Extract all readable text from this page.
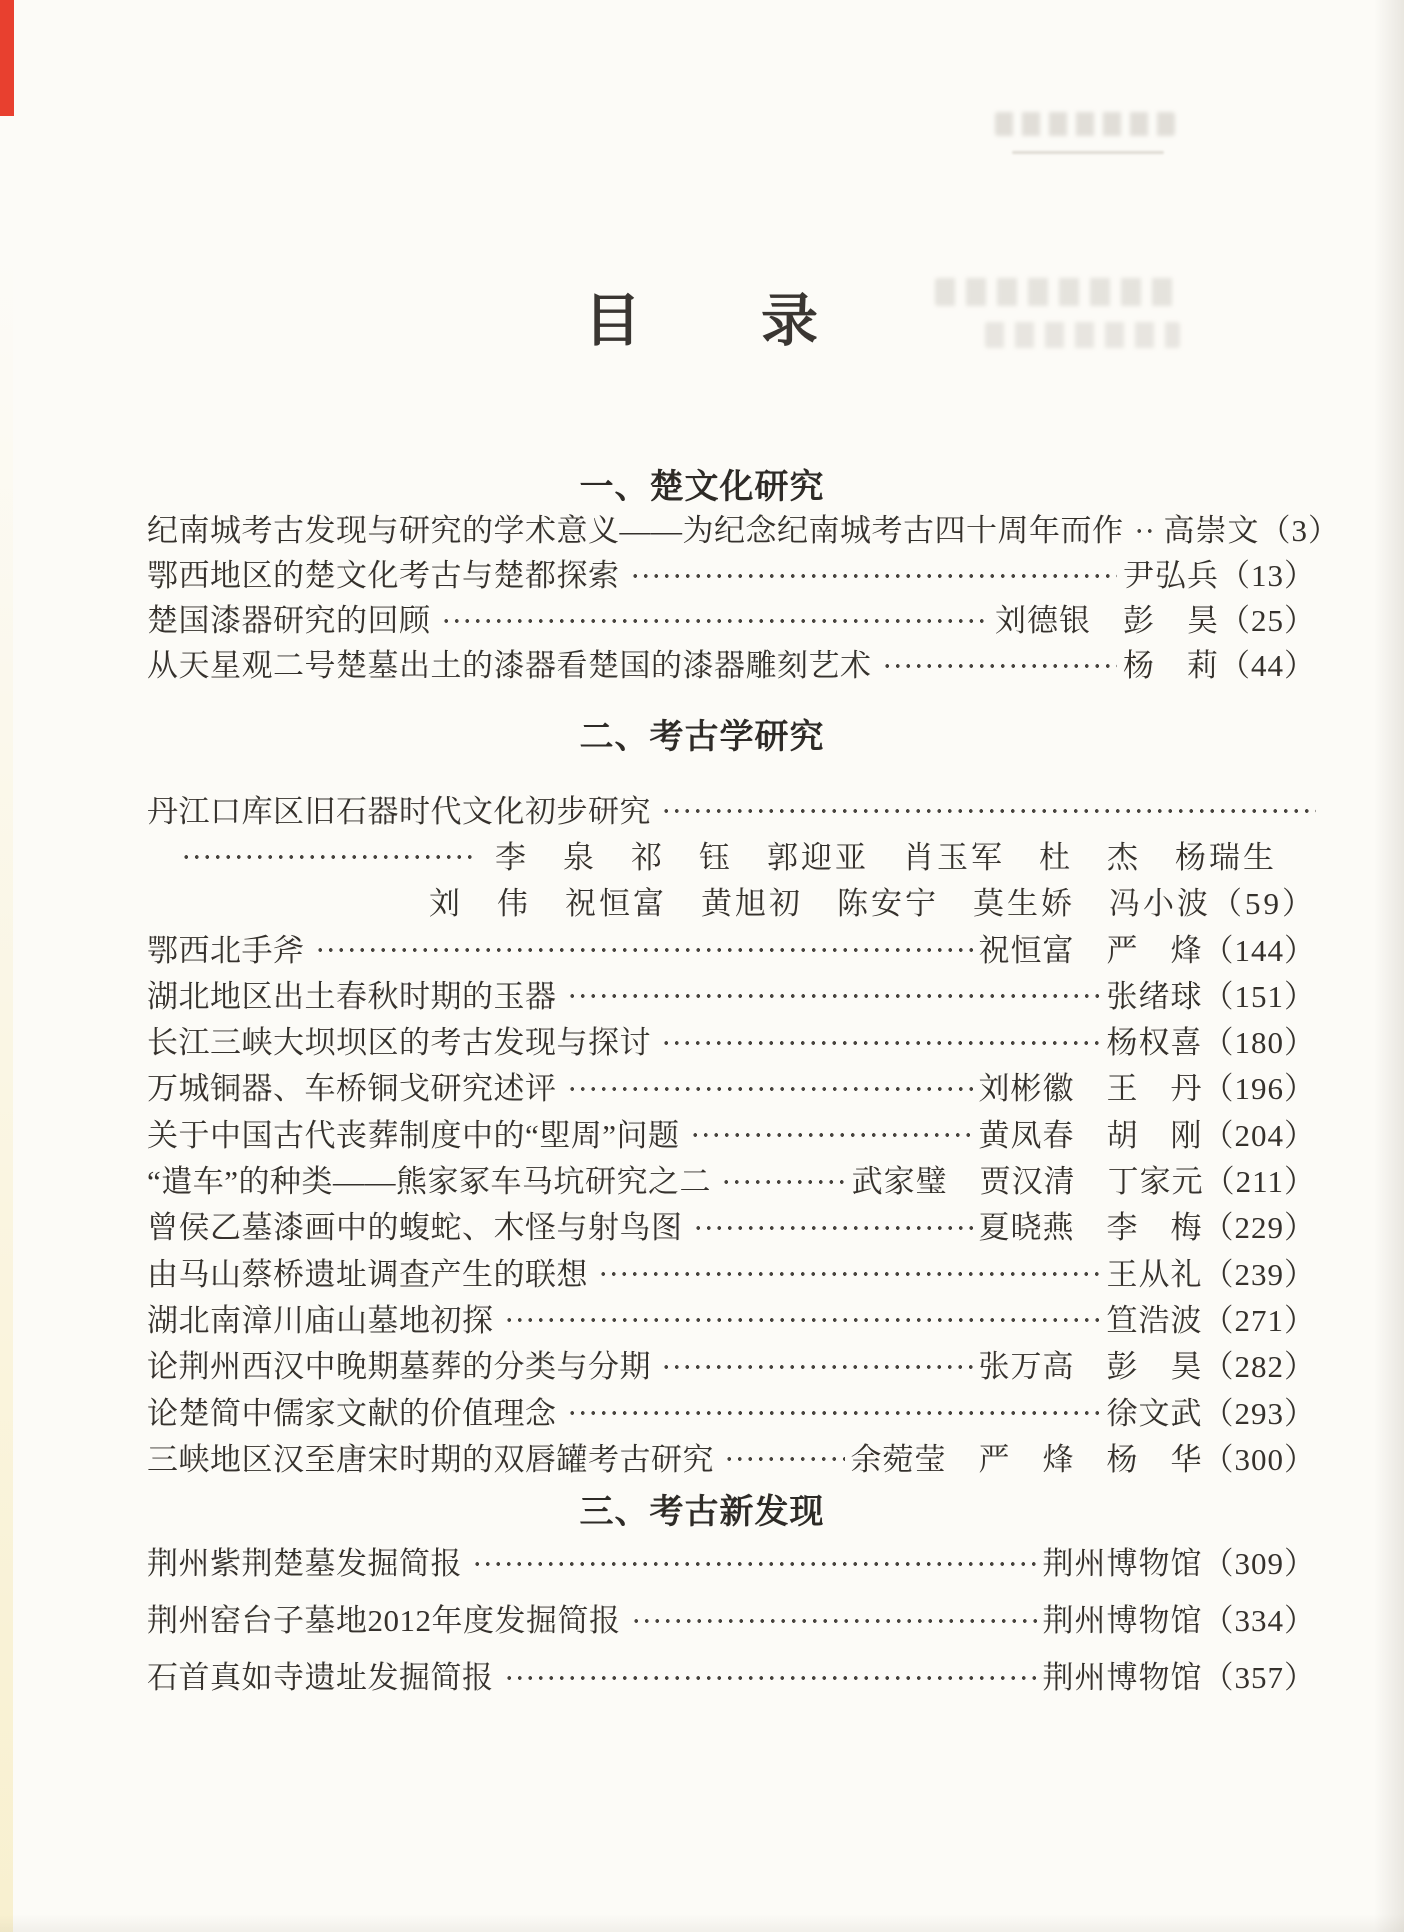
目　　录
一、楚文化研究
纪南城考古发现与研究的学术意义——为纪念纪南城考古四十周年而作 高崇文（3）
鄂西地区的楚文化考古与楚都探索	尹弘兵（13）
楚国漆器研究的回顾	刘德银　彭　昊（25）
从天星观二号楚墓出土的漆器看楚国的漆器雕刻艺术	杨　莉（44）
二、考古学研究
丹江口库区旧石器时代文化初步研究
李　泉　祁　钰　郭迎亚　肖玉军　杜　杰　杨瑞生
刘　伟　祝恒富　黄旭初　陈安宁　莫生娇　冯小波（59）
鄂西北手斧	祝恒富　严　烽（144）
湖北地区出土春秋时期的玉器	张绪球（151）
长江三峡大坝坝区的考古发现与探讨	杨权喜（180）
万城铜器、车桥铜戈研究述评	刘彬徽　王　丹（196）
关于中国古代丧葬制度中的“堲周”问题	黄凤春　胡　刚（204）
“遣车”的种类——熊家冢车马坑研究之二	武家璧　贾汉清　丁家元（211）
曾侯乙墓漆画中的蝮蛇、木怪与射鸟图	夏晓燕　李　梅（229）
由马山蔡桥遗址调查产生的联想	王从礼（239）
湖北南漳川庙山墓地初探	笪浩波（271）
论荆州西汉中晚期墓葬的分类与分期	张万高　彭　昊（282）
论楚简中儒家文献的价值理念	徐文武（293）
三峡地区汉至唐宋时期的双唇罐考古研究	余菀莹　严　烽　杨　华（300）
三、考古新发现
荆州紫荆楚墓发掘简报	荆州博物馆（309）
荆州窑台子墓地2012年度发掘简报	荆州博物馆（334）
石首真如寺遗址发掘简报	荆州博物馆（357）
